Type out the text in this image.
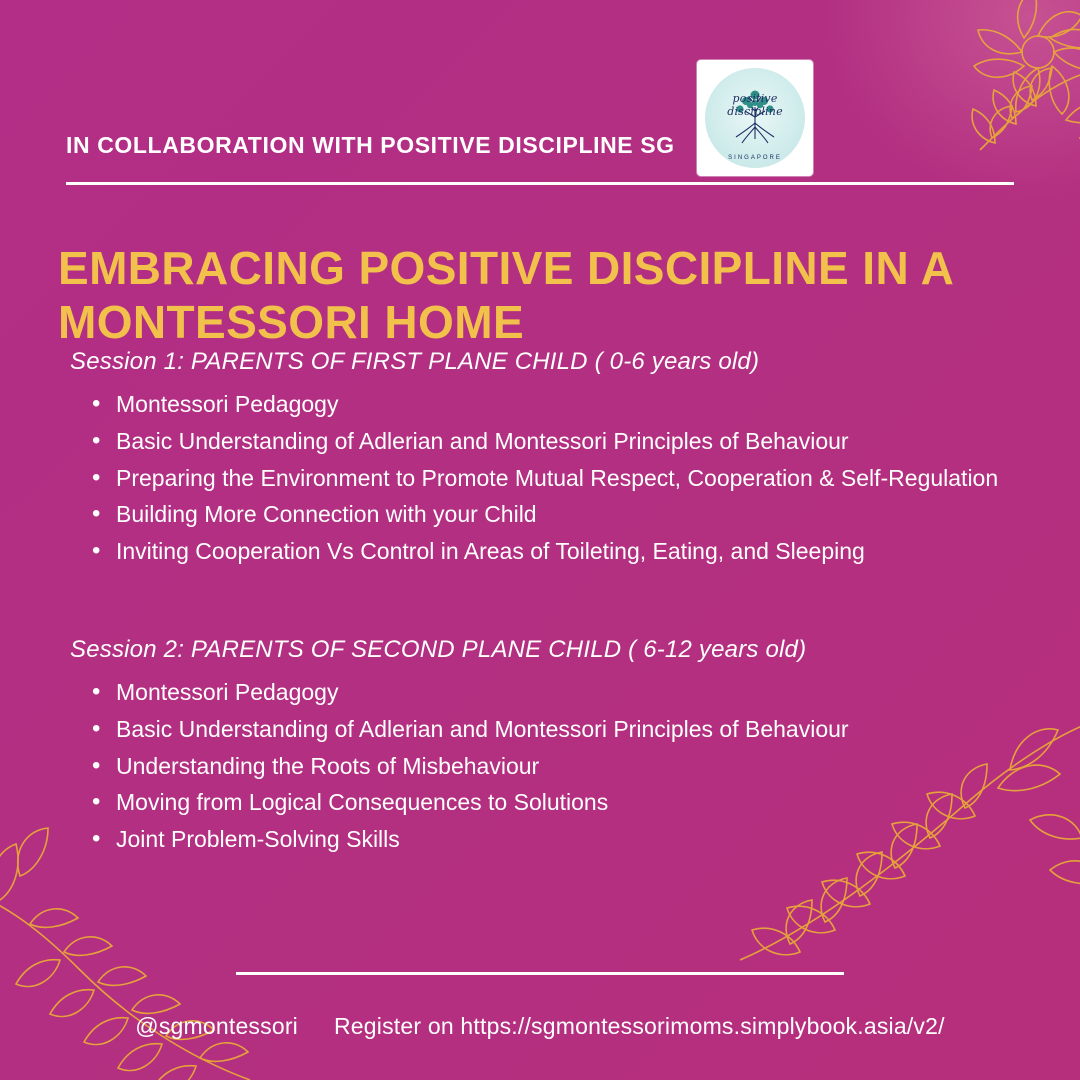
IN COLLABORATION WITH POSITIVE DISCIPLINE SG
positive discipline
SINGAPORE
EMBRACING POSITIVE DISCIPLINE IN A MONTESSORI HOME
Session 1: PARENTS OF FIRST PLANE CHILD ( 0-6 years old)
• Montessori Pedagogy
• Basic Understanding of Adlerian and Montessori Principles of Behaviour
• Preparing the Environment to Promote Mutual Respect, Cooperation & Self-Regulation
• Building More Connection with your Child
• Inviting Cooperation Vs Control in Areas of Toileting, Eating, and Sleeping
Session 2: PARENTS OF SECOND PLANE CHILD ( 6-12 years old)
• Montessori Pedagogy
• Basic Understanding of Adlerian and Montessori Principles of Behaviour
• Understanding the Roots of Misbehaviour
• Moving from Logical Consequences to Solutions
• Joint Problem-Solving Skills
@sgmontessori Register on https://sgmontessorimoms.simplybook.asia/v2/
